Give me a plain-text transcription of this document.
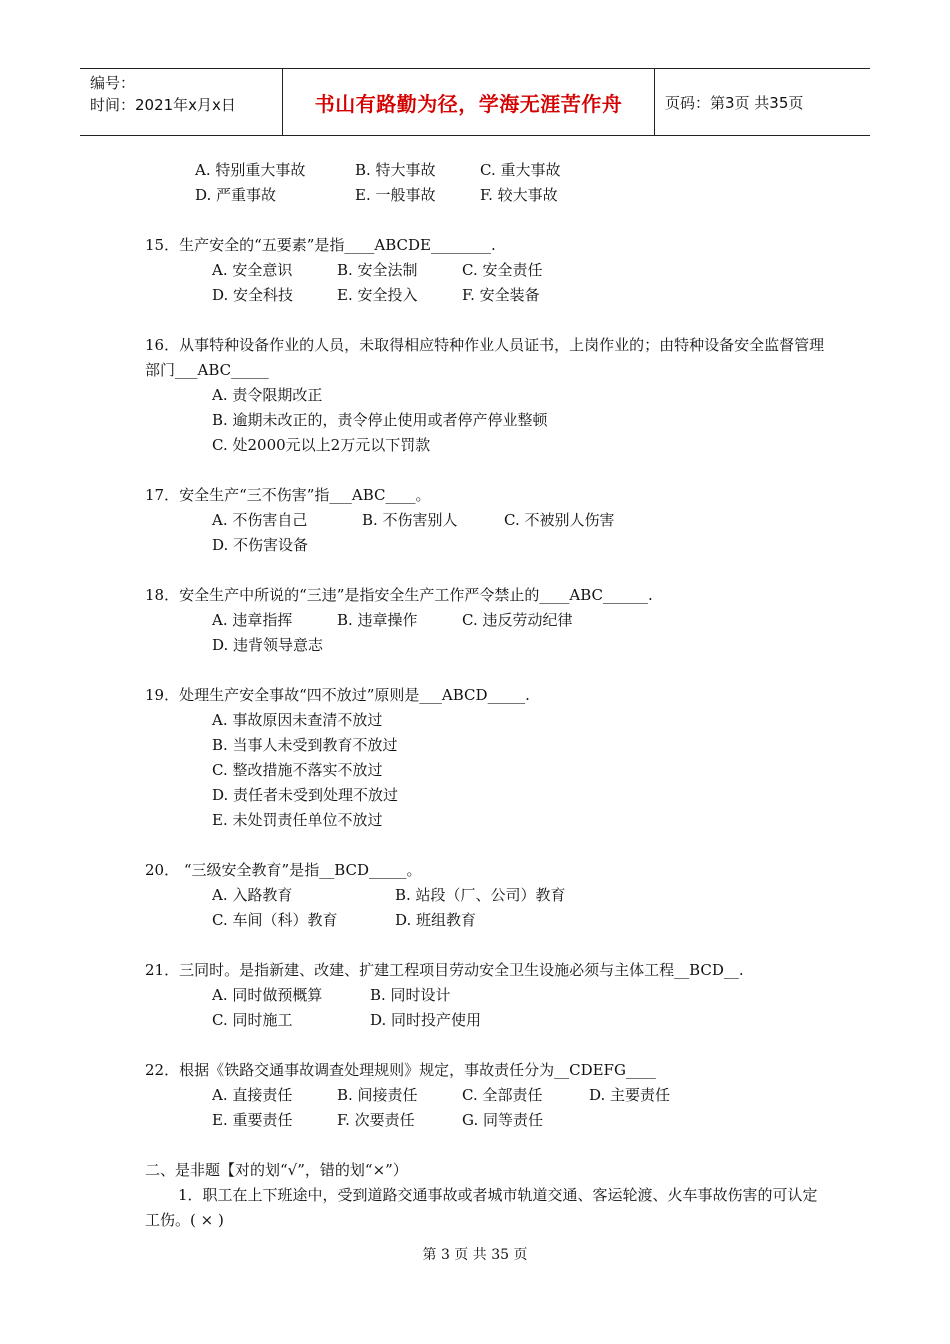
编号：
时间：2021年x月x日	书山有路勤为径，学海无涯苦作舟	页码：第3页 共35页
A. 特别重大事故	B. 特大事故	C. 重大事故
D. 严重事故	E. 一般事故	F. 较大事故
15．生产安全的“五要素”是指____ABCDE________.
A. 安全意识	B. 安全法制	C. 安全责任
D. 安全科技	E. 安全投入	F. 安全装备
16．从事特种设备作业的人员，未取得相应特种作业人员证书，上岗作业的；由特种设备安全监督管理部门___ABC_____
A. 责令限期改正
B. 逾期未改正的，责令停止使用或者停产停业整顿
C. 处2000元以上2万元以下罚款
17．安全生产“三不伤害”指___ABC____。
A. 不伤害自己	B. 不伤害别人	C. 不被别人伤害
D. 不伤害设备
18．安全生产中所说的“三违”是指安全生产工作严令禁止的____ABC______.
A. 违章指挥	B. 违章操作	C. 违反劳动纪律
D. 违背领导意志
19．处理生产安全事故“四不放过”原则是___ABCD_____.
A. 事故原因未查清不放过
B. 当事人未受到教育不放过
C. 整改措施不落实不放过
D. 责任者未受到处理不放过
E. 未处罚责任单位不放过
20． “三级安全教育”是指__BCD_____。
A. 入路教育	B. 站段（厂、公司）教育
C. 车间（科）教育	D. 班组教育
21．三同时。是指新建、改建、扩建工程项目劳动安全卫生设施必须与主体工程__BCD__.
A. 同时做预概算	B. 同时设计
C. 同时施工	D. 同时投产使用
22．根据《铁路交通事故调查处理规则》规定，事故责任分为__CDEFG____
A. 直接责任	B. 间接责任	C. 全部责任	D. 主要责任
E. 重要责任	F. 次要责任	G. 同等责任
二、是非题【对的划“√”，错的划“×”）
1．职工在上下班途中，受到道路交通事故或者城市轨道交通、客运轮渡、火车事故伤害的可认定工伤。( × )
第 3 页 共 35 页
